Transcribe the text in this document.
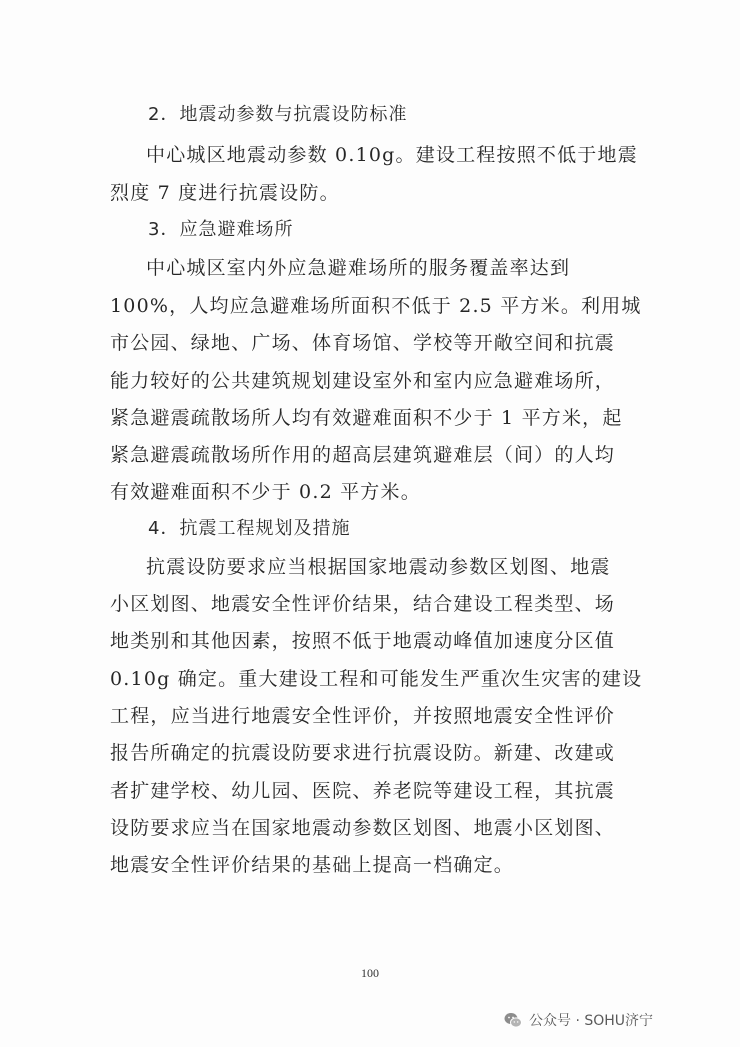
2．地震动参数与抗震设防标准
中心城区地震动参数 0.10g。建设工程按照不低于地震
烈度 7 度进行抗震设防。
3．应急避难场所
中心城区室内外应急避难场所的服务覆盖率达到
100%，人均应急避难场所面积不低于 2.5 平方米。利用城
市公园、绿地、广场、体育场馆、学校等开敞空间和抗震
能力较好的公共建筑规划建设室外和室内应急避难场所，
紧急避震疏散场所人均有效避难面积不少于 1 平方米，起
紧急避震疏散场所作用的超高层建筑避难层（间）的人均
有效避难面积不少于 0.2 平方米。
4．抗震工程规划及措施
抗震设防要求应当根据国家地震动参数区划图、地震
小区划图、地震安全性评价结果，结合建设工程类型、场
地类别和其他因素，按照不低于地震动峰值加速度分区值
0.10g 确定。重大建设工程和可能发生严重次生灾害的建设
工程，应当进行地震安全性评价，并按照地震安全性评价
报告所确定的抗震设防要求进行抗震设防。新建、改建或
者扩建学校、幼儿园、医院、养老院等建设工程，其抗震
设防要求应当在国家地震动参数区划图、地震小区划图、
地震安全性评价结果的基础上提高一档确定。
100
公众号 · SOHU济宁
